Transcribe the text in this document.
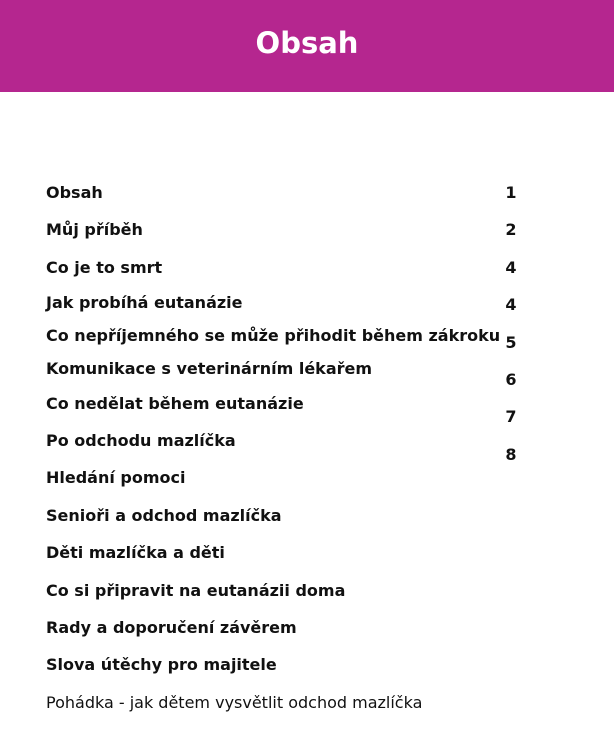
Obsah
Obsah
Můj příběh
Co je to smrt
Jak probíhá eutanázie
Co nepříjemného se může přihodit během zákroku
Komunikace s veterinárním lékařem
Co nedělat během eutanázie
Po odchodu mazlíčka
Hledání pomoci
Senioři a odchod mazlíčka
Děti mazlíčka a děti
Co si připravit na eutanázii doma
Rady a doporučení závěrem
Slova útěchy pro majitele
Pohádka - jak dětem vysvětlit odchod mazlíčka
1
2
4
4
5
6
7
8
